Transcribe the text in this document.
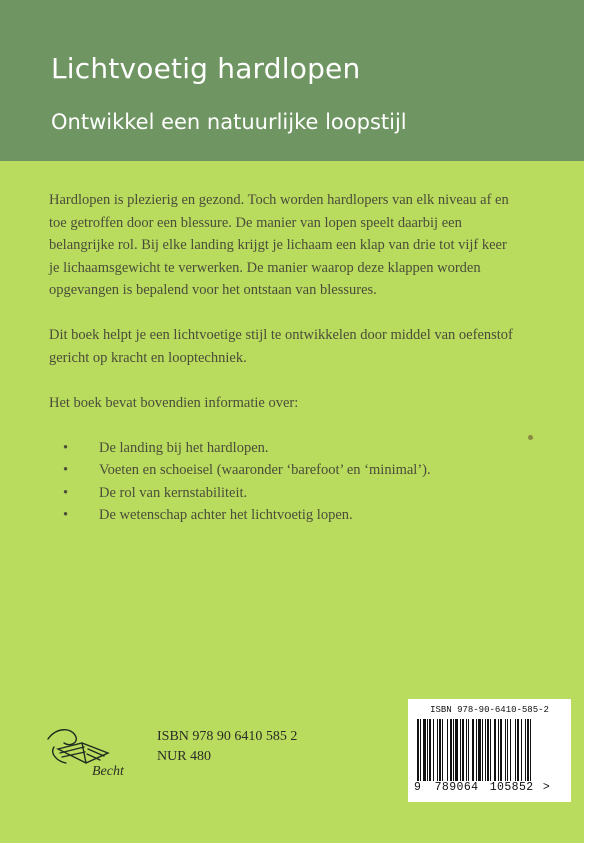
Lichtvoetig hardlopen
Ontwikkel een natuurlijke loopstijl

Hardlopen is plezierig en gezond. Toch worden hardlopers van elk niveau af en toe getroffen door een blessure. De manier van lopen speelt daarbij een belangrijke rol. Bij elke landing krijgt je lichaam een klap van drie tot vijf keer je lichaamsgewicht te verwerken. De manier waarop deze klappen worden opgevangen is bepalend voor het ontstaan van blessures.

Dit boek helpt je een lichtvoetige stijl te ontwikkelen door middel van oefenstof gericht op kracht en looptechniek.

Het boek bevat bovendien informatie over:

• De landing bij het hardlopen.
• Voeten en schoeisel (waaronder ‘barefoot’ en ‘minimal’).
• De rol van kernstabiliteit.
• De wetenschap achter het lichtvoetig lopen.
Becht
ISBN 978 90 6410 585 2
NUR 480
ISBN 978-90-6410-585-2
9 789064 105852 >
